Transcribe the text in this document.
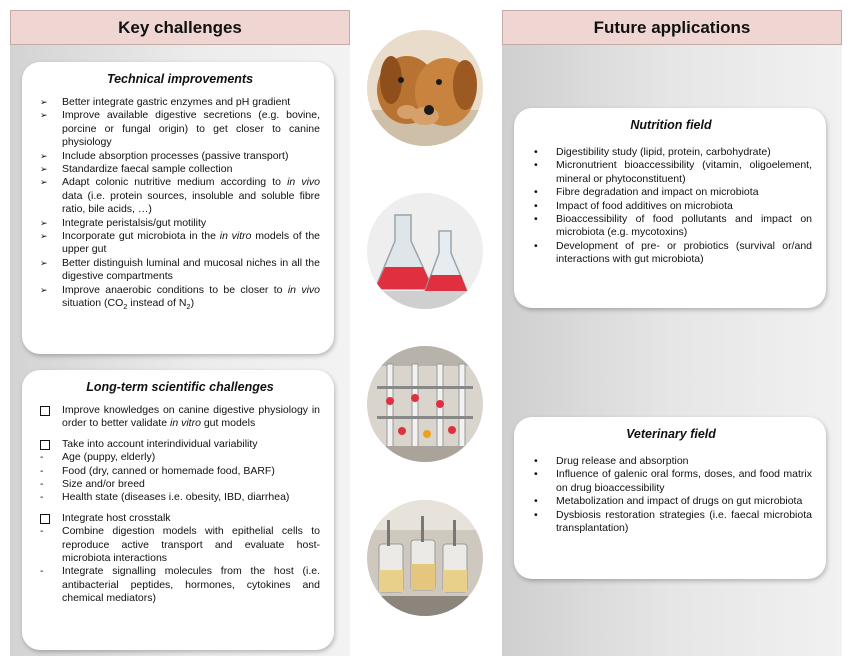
Key challenges	Future applications
Technical improvements
➢	Better integrate gastric enzymes and pH gradient
➢	Improve available digestive secretions (e.g. bovine, porcine or fungal origin) to get closer to canine physiology
➢	Include absorption processes (passive transport)
➢	Standardize faecal sample collection
➢	Adapt colonic nutritive medium according to in vivo data (i.e. protein sources, insoluble and soluble fibre ratio, bile acids, …)
➢	Integrate peristalsis/gut motility
➢	Incorporate gut microbiota in the in vitro models of the upper gut
➢	Better distinguish luminal and mucosal niches in all the digestive compartments
➢	Improve anaerobic conditions to be closer to in vivo situation ($CO_2$ instead of $N_2$)
Long-term scientific challenges
Improve knowledges on canine digestive physiology in order to better validate in vitro gut models
Take into account interindividual variability
-	Age (puppy, elderly)
-	Food (dry, canned or homemade food, BARF)
-	Size and/or breed
-	Health state (diseases i.e. obesity, IBD, diarrhea)
Integrate host crosstalk
-	Combine digestion models with epithelial cells to reproduce active transport and evaluate host-microbiota interactions
-	Integrate signalling molecules from the host (i.e. antibacterial peptides, hormones, cytokines and chemical mediators)
Nutrition field
•	Digestibility study (lipid, protein, carbohydrate)
•	Micronutrient bioaccessibility (vitamin, oligoelement, mineral or phytoconstituent)
•	Fibre degradation and impact on microbiota
•	Impact of food additives on microbiota
•	Bioaccessibility of food pollutants and impact on microbiota (e.g. mycotoxins)
•	Development of pre- or probiotics (survival or/and interactions with gut microbiota)
Veterinary field
•	Drug release and absorption
•	Influence of galenic oral forms, doses, and food matrix on drug bioaccessibility
•	Metabolization and impact of drugs on gut microbiota
•	Dysbiosis restoration strategies (i.e. faecal microbiota transplantation)
